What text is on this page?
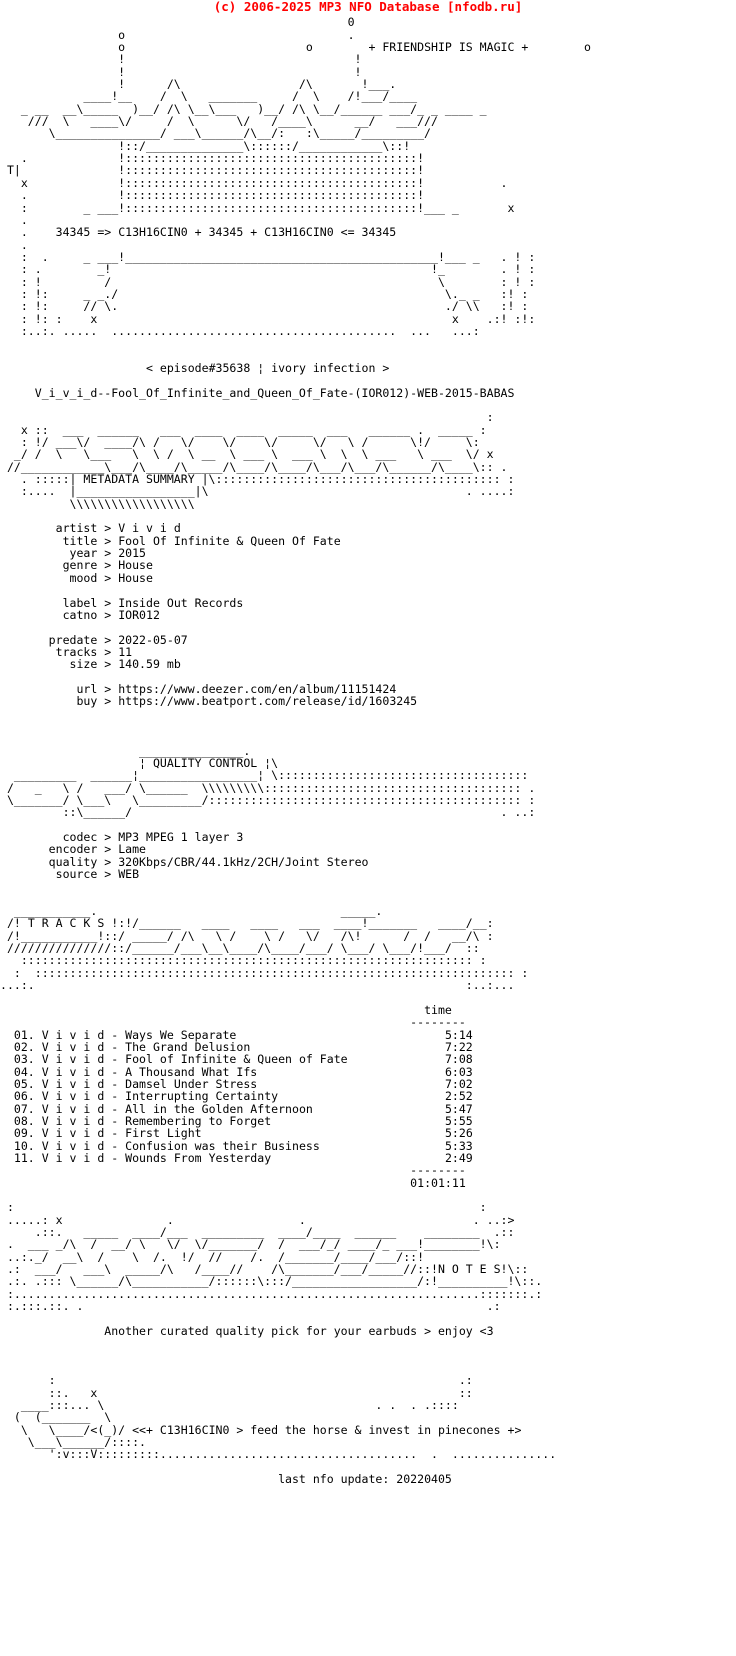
(c) 2006-2025 MP3 NFO Database [nfodb.ru]

0
o                                .
o                          o        + FRIENDSHIP IS MAGIC +        o
!                                 !
!                                 !
!      /\                 /\       !___.
____!__    /  \   _______     /  \    /!___/____
_ __  __\_____  )__/ /\ \__\___   )__/ /\ \__/______ ___/_ _ ____ _
///  \   ____\/     /  \      \/   /____\      __/   ___///
\_______________/ ___\______/\__/:   :\_____/_________/
!::/______________\::::::/____________\::!
.             !::::::::::::::::::::::::::::::::::::::::::!
T|              !::::::::::::::::::::::::::::::::::::::::::!
x             !::::::::::::::::::::::::::::::::::::::::::!           .
.             !::::::::::::::::::::::::::::::::::::::::::!
:        _ ___!::::::::::::::::::::::::::::::::::::::::::!___ _       x
.
.    34345 => C13H16CIN0 + 34345 + C13H16CIN0 <= 34345
.
:  .     _ ___!_____________________________________________!___ _   . ! :
: .        _!                                              !_        . ! :
: !         /                                               \        : ! :
: !:     _ _./                                               \._ _   :! :
: !:     // \.                                               ./ \\   :! :
: !: :    x                                                   x    .:! :!:
:..:. .....  .........................................  ...   ...:

< episode#35638 ¦ ivory infection >

V_i_v_i_d--Fool_Of_Infinite_and_Queen_Of_Fate-(IOR012)-WEB-2015-BABAS

:
x ::  ___  ______   ___  ____  ____  _____  ___   ______ .  _____ :
: !/ ___\/  ____/\ /   \/    \/    \/     \/   \ /      \!/     \:
_/ /  \   \___   \  \ /  \ __  \ ___ \  ___ \  \  \ ___   \ ___  \/ x
//____________\___/\____/\_____/\____/\____/\___/\___/\______/\____\:: .
. :::::| METADATA SUMMARY |\::::::::::::::::::::::::::::::::::::::::: :
:....  |_________________|\                                     . ....:
\\\\\\\\\\\\\\\\\\

artist > V i v i d
title > Fool Of Infinite & Queen Of Fate
year > 2015
genre > House
mood > House

label > Inside Out Records
catno > IOR012

predate > 2022-05-07
tracks > 11
size > 140.59 mb

url > https://www.deezer.com/en/album/11151424
buy > https://www.beatport.com/release/id/1603245

_______________.
¦ QUALITY CONTROL ¦\
_________  ______¦_________________¦ \::::::::::::::::::::::::::::::::::::
/   _   \ /   ___/ \______  \\\\\\\\\::::::::::::::::::::::::::::::::::::: .
\_______/ \___\   \_________/::::::::::::::::::::::::::::::::::::::::::::: :
::\______/                                                     . ..:

codec > MP3 MPEG 1 layer 3
encoder > Lame
quality > 320Kbps/CBR/44.1kHz/2CH/Joint Stereo
source > WEB

___________.                                   _____.
/! T R A C K S !:!/______   ____   ____   ___  ____!_______   ____/__:
/!___________!::/ _____/ /\   \ /    \ /   \/   /\!      /  /   __/\ :
///////////////::/______/___\__\____/\____/___/ \___/ \___/!___/  ::
::::::::::::::::::::::::::::::::::::::::::::::::::::::::::::::::: :
:  ::::::::::::::::::::::::::::::::::::::::::::::::::::::::::::::::::::: :
...:.                                                              :..:...

time
--------
01. V i v i d - Ways We Separate	5:14
02. V i v i d - The Grand Delusion	7:22
03. V i v i d - Fool of Infinite & Queen of Fate	7:08
04. V i v i d - A Thousand What Ifs	6:03
05. V i v i d - Damsel Under Stress	7:02
06. V i v i d - Interrupting Certainty	2:52
07. V i v i d - All in the Golden Afternoon	5:47
08. V i v i d - Remembering to Forget	5:55
09. V i v i d - First Light	5:26
10. V i v i d - Confusion was their Business	5:33
11. V i v i d - Wounds From Yesterday	2:49
--------
01:01:11

:                                                                   :
.....: x               .                  .                        . ..:>
.::.   _____  ____/___  _________  ____/____  ______    ________  .::
.  ___ _/\  /  __/ \   \/  \/_______/  /  ___/_/ ____/_ ___!________!\:
..:._/  __\  /    \  /.  !/  //    /.  /_______/____/___/::!
.:  ___/   ___\  _____/\   /____//    /\_______/___/_____//::!N O T E S!\::
.:. .::: \______/\___________/::::::\:::/__________________/:!__________!\::.
:...................................................................:::::::.:
:.:::.::. .                                                          .:

Another curated quality pick for your earbuds > enjoy <3

:                                                          .:
::.   x                                                    ::
____:::... \                                       . .  . .::::
(  (_______  \
\   \____/<(_)/ <<+ C13H16CIN0 > feed the horse & invest in pinecones +>
\___\______/::::.
':v:::V:::::::::.....................................  .  ...............

last nfo update: 20220405
